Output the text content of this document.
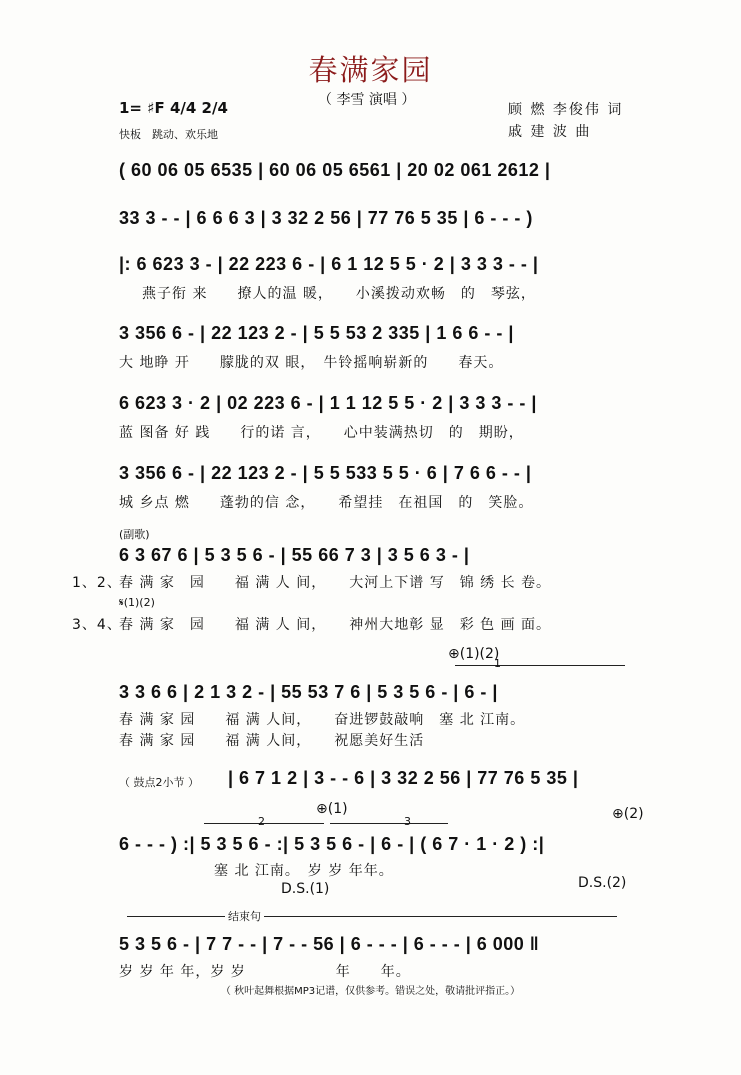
春满家园
（ 李雪 演唱 ）
1= ♯F 4/4 2/4
快板　跳动、欢乐地
顾 燃 李俊伟 词
戚 建 波 曲
( 60 06 05 6535 | 60 06 05 6561 | 20 02 061 2612 |
33 3 - - | 6 6 6 3 | 3 32 2 56 | 77 76 5 35 | 6 - - - )
|: 6 623 3 - | 22 223 6 - | 6 1 12 5 5 · 2 | 3 3 3 - - |
燕子衔 来　　撩人的温 暖，　　小溪拨动欢畅　的　琴弦，
3 356 6 - | 22 123 2 - | 5 5 53 2 335 | 1 6 6 - - |
大 地睁 开　　朦胧的双 眼，　牛铃摇响崭新的　　春天。
6 623 3 · 2 | 02 223 6 - | 1 1 12 5 5 · 2 | 3 3 3 - - |
蓝 图备 好 践　　行的诺 言，　　心中装满热切　的　期盼，
3 356 6 - | 22 123 2 - | 5 5 533 5 5 · 6 | 7 6 6 - - |
城 乡点 燃　　蓬勃的信 念，　　希望挂　在祖国　的　笑脸。
(副歌)
6 3 67 6 | 5 3 5 6 - | 55 66 7 3 | 3 5 6 3 - |
1、2、
春 满 家　园　　福 满 人 间，　　大河上下谱 写　锦 绣 长 卷。
𝄋(1)(2)
3、4、
春 满 家　园　　福 满 人 间，　　神州大地彰 显　彩 色 画 面。
⊕(1)(2)
1
3 3 6 6 | 2 1 3 2 - | 55 53 7 6 | 5 3 5 6 - | 6 - |
春 满 家 园　　福 满 人间，　　奋进锣鼓敲响　塞 北 江南。
春 满 家 园　　福 满 人间，　　祝愿美好生活
（ 鼓点2小节 ） | 6 7 1 2 | 3 - - 6 | 3 32 2 56 | 77 76 5 35 |
⊕(1)	⊕(2)
2	3
6 - - - ) :| 5 3 5 6 - :| 5 3 5 6 - | 6 - | ( 6 7 · 1 · 2 ) :|
塞 北 江南。　岁 岁 年年。
D.S.(1)	D.S.(2)
结束句
5 3 5 6 - | 7 7 - - | 7 - - 56 | 6 - - - | 6 - - - | 6 000 ‖
岁 岁 年 年，岁 岁　　　　　　年　　年。
（ 秋叶起舞根据MP3记谱，仅供参考。错误之处，敬请批评指正。）
